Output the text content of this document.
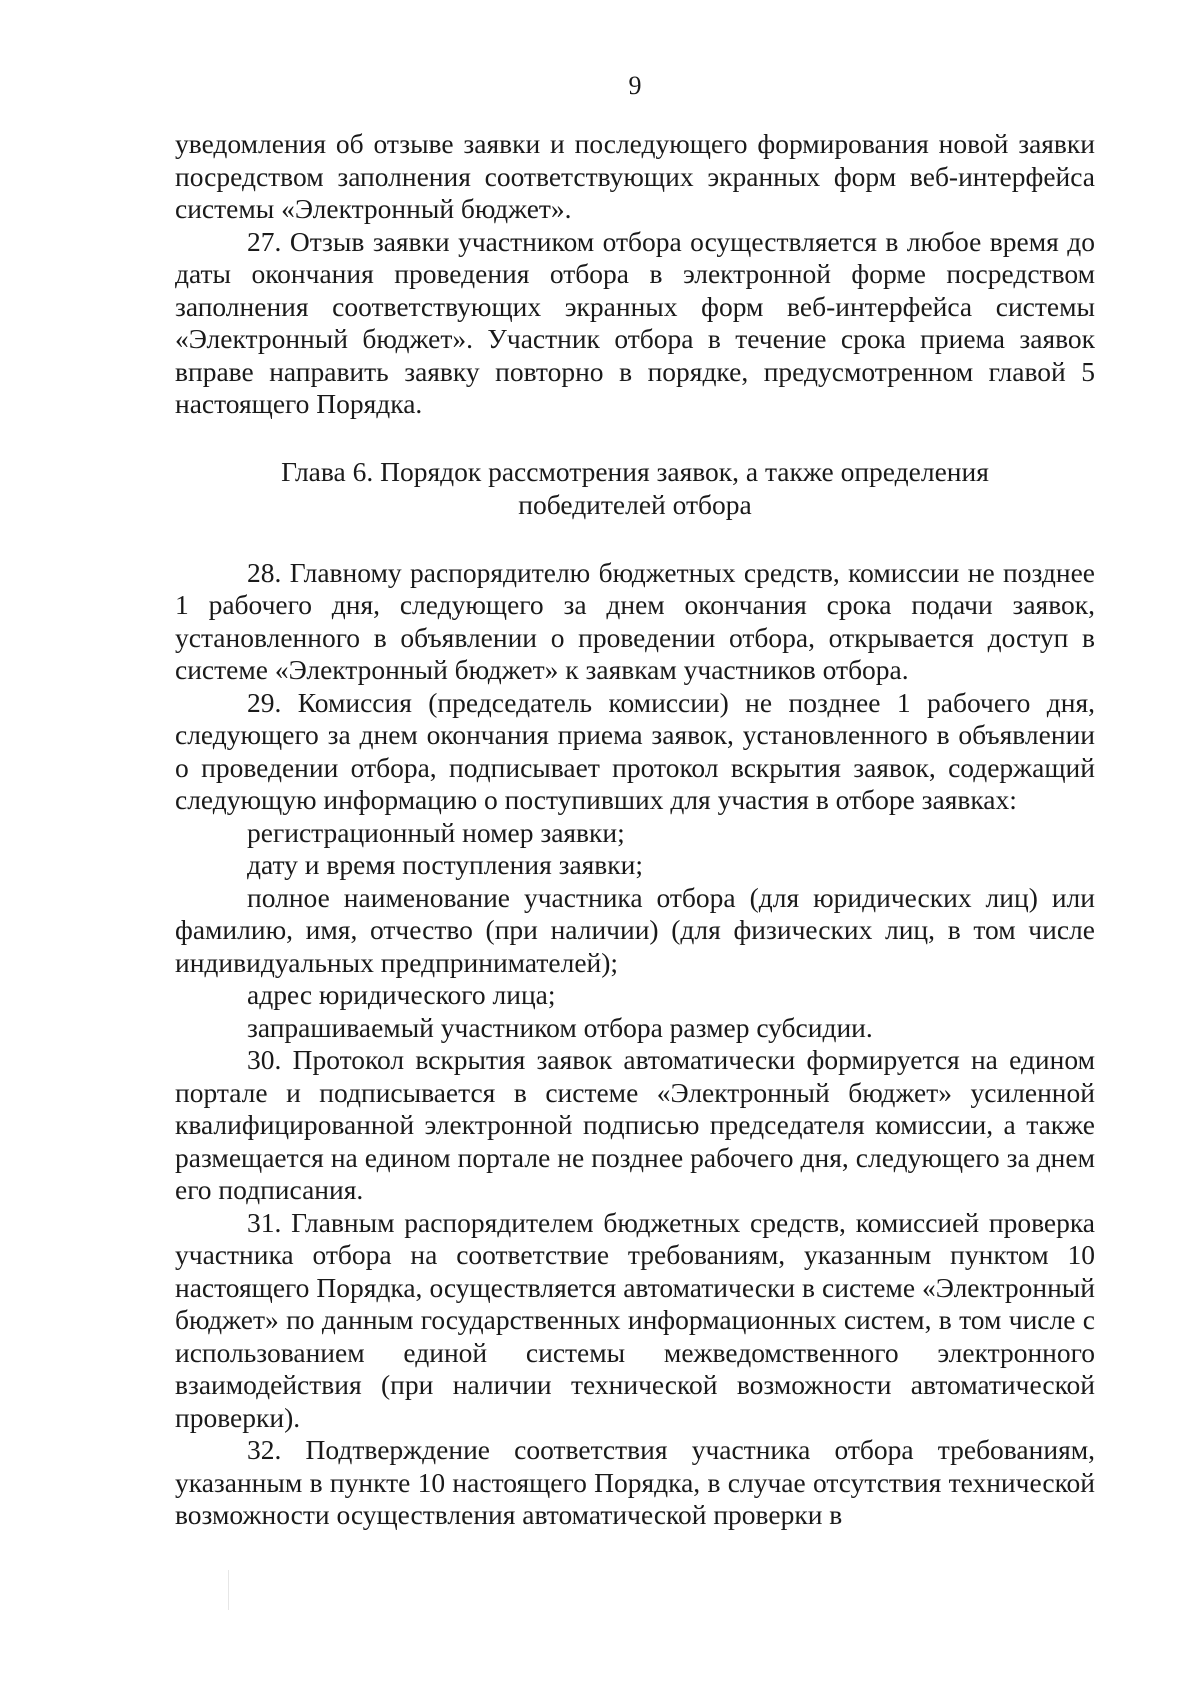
9

уведомления об отзыве заявки и последующего формирования новой заявки посредством заполнения соответствующих экранных форм веб-интерфейса системы «Электронный бюджет».

27. Отзыв заявки участником отбора осуществляется в любое время до даты окончания проведения отбора в электронной форме посредством заполнения соответствующих экранных форм веб-интерфейса системы «Электронный бюджет». Участник отбора в течение срока приема заявок вправе направить заявку повторно в порядке, предусмотренном главой 5 настоящего Порядка.

Глава 6. Порядок рассмотрения заявок, а также определения
победителей отбора

28. Главному распорядителю бюджетных средств, комиссии не позднее 1 рабочего дня, следующего за днем окончания срока подачи заявок, установленного в объявлении о проведении отбора, открывается доступ в системе «Электронный бюджет» к заявкам участников отбора.

29. Комиссия (председатель комиссии) не позднее 1 рабочего дня, следующего за днем окончания приема заявок, установленного в объявлении о проведении отбора, подписывает протокол вскрытия заявок, содержащий следующую информацию о поступивших для участия в отборе заявках:

регистрационный номер заявки;

дату и время поступления заявки;

полное наименование участника отбора (для юридических лиц) или фамилию, имя, отчество (при наличии) (для физических лиц, в том числе индивидуальных предпринимателей);

адрес юридического лица;

запрашиваемый участником отбора размер субсидии.

30. Протокол вскрытия заявок автоматически формируется на едином портале и подписывается в системе «Электронный бюджет» усиленной квалифицированной электронной подписью председателя комиссии, а также размещается на едином портале не позднее рабочего дня, следующего за днем его подписания.

31. Главным распорядителем бюджетных средств, комиссией проверка участника отбора на соответствие требованиям, указанным пунктом 10 настоящего Порядка, осуществляется автоматически в системе «Электронный бюджет» по данным государственных информационных систем, в том числе с использованием единой системы межведомственного электронного взаимодействия (при наличии технической возможности автоматической проверки).

32. Подтверждение соответствия участника отбора требованиям, указанным в пункте 10 настоящего Порядка, в случае отсутствия технической возможности осуществления автоматической проверки в
